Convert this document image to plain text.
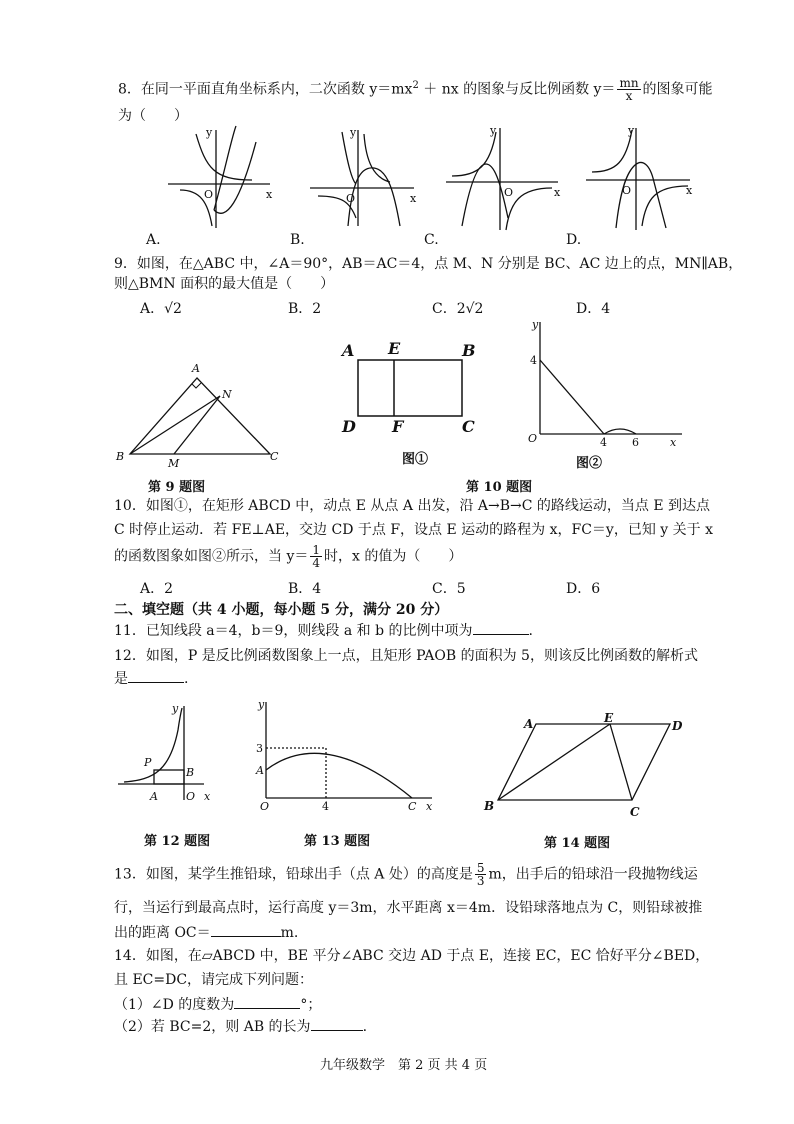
8．在同一平面直角坐标系内，二次函数 $y=mx^2$ ＋ nx 的图象与反比例函数 $y= \frac{mn}{x}$ 的图象可能
为（　　）
y
x
O
y
x
O
y
x
O
y
x
O
A.	B.	C.	D.
9．如图，在△ABC 中，∠A＝90°，AB＝AC＝4，点 M、N 分别是 BC、AC 边上的点，MN∥AB，
则△BMN 面积的最大值是（　　）
A．√2	B．2	C．2√2	D．4
A
N
B
M
C
第 9 题图
A E	B
D F	C
图①
y
4
O	4 6	x
图②
第 10 题图
10．如图①，在矩形 ABCD 中，动点 E 从点 A 出发，沿 A→B→C 的路线运动，当点 E 到达点
C 时停止运动．若 FE⊥AE，交边 CD 于点 F，设点 E 运动的路程为 x，FC＝y，已知 y 关于 x
的函数图象如图②所示，当 $y= \frac{1}{4}$ 时，x 的值为（　　）
A．2	B．4	C．5	D．6
二、填空题（共 4 小题，每小题 5 分，满分 20 分）
11．已知线段 a＝4，b＝9，则线段 a 和 b 的比例中项为	.
12．如图，P 是反比例函数图象上一点，且矩形 PAOB 的面积为 5，则该反比例函数的解析式
是	.
y
P
B
A	O x
第 12 题图
y
3
A
O	4	C x
第 13 题图
A	E
D
B	C
第 14 题图
13．如图，某学生推铅球，铅球出手（点 A 处）的高度是 $\frac{5}{3}$ m，出手后的铅球沿一段抛物线运
行，当运行到最高点时，运行高度 y＝3m，水平距离 x＝4m．设铅球落地点为 C，则铅球被推
出的距离 OC＝	m.
14．如图，在▱ABCD 中，BE 平分∠ABC 交边 AD 于点 E，连接 EC，EC 恰好平分∠BED，
且 EC=DC，请完成下列问题：
（1）∠D 的度数为	°；
（2）若 BC=2，则 AB 的长为	.
九年级数学　第 2 页 共 4 页
